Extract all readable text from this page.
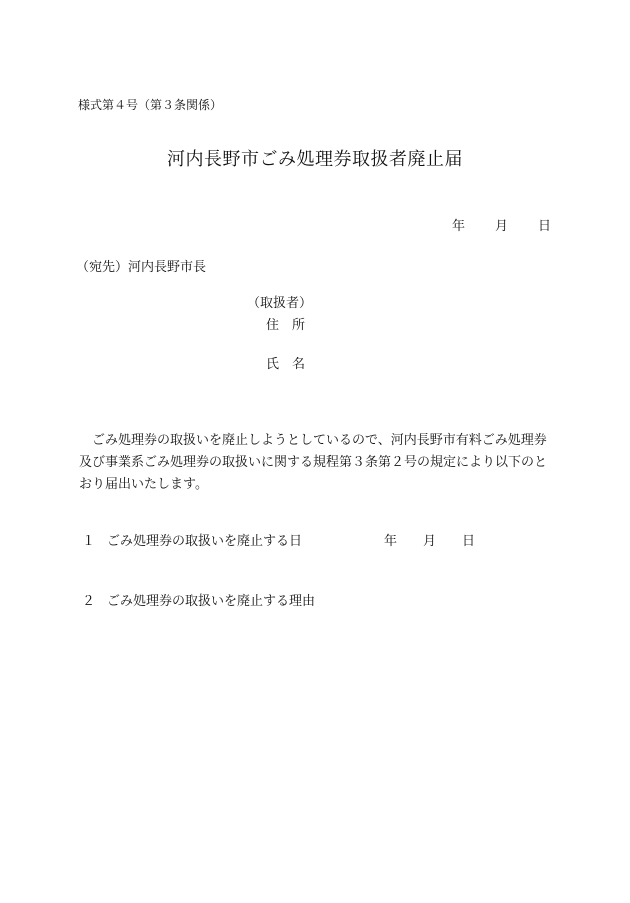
様式第４号（第３条関係）
河内長野市ごみ処理券取扱者廃止届
年 月 日
（宛先）河内長野市長
（取扱者）
住　所
氏　名
ごみ処理券の取扱いを廃止しようとしているので、河内長野市有料ごみ処理券及び事業系ごみ処理券の取扱いに関する規程第３条第２号の規定により以下のとおり届出いたします。
１ ごみ処理券の取扱いを廃止する日	年 月 日
２ ごみ処理券の取扱いを廃止する理由
